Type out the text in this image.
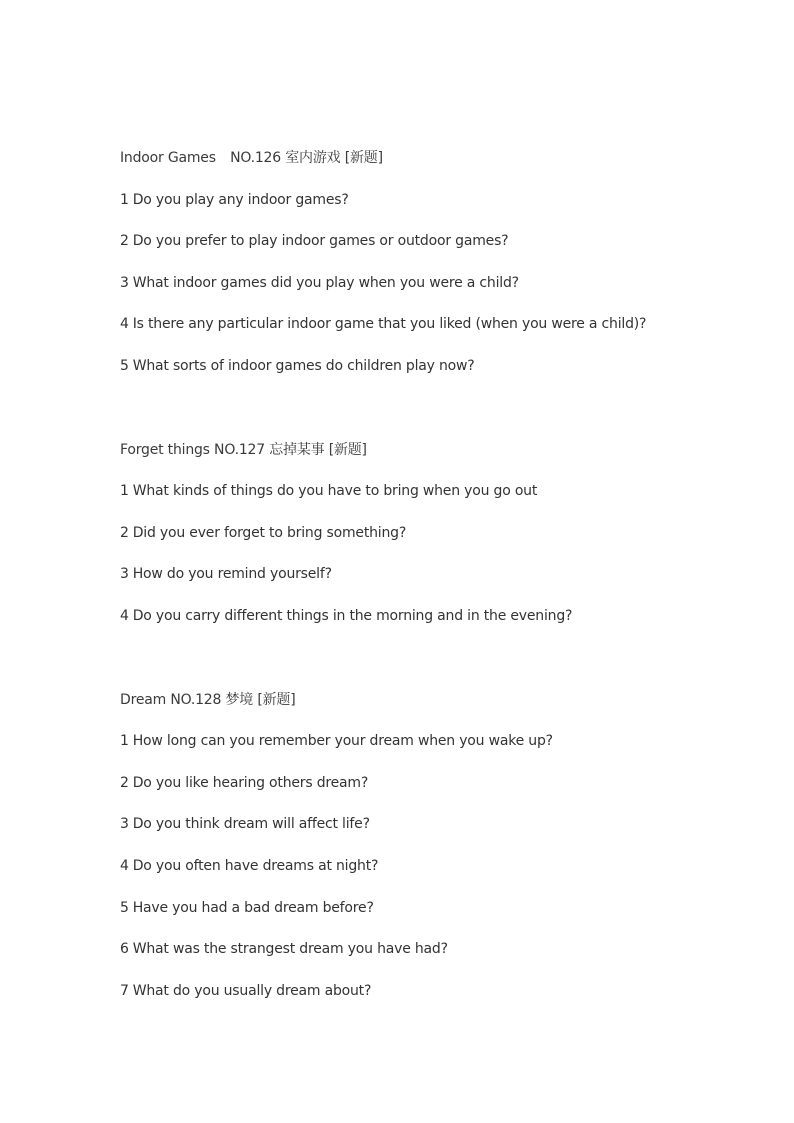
Indoor Games NO.126 室内游戏 [新题]

1 Do you play any indoor games?

2 Do you prefer to play indoor games or outdoor games?

3 What indoor games did you play when you were a child?

4 Is there any particular indoor game that you liked (when you were a child)?

5 What sorts of indoor games do children play now?

Forget things NO.127 忘掉某事 [新题]

1 What kinds of things do you have to bring when you go out

2 Did you ever forget to bring something?

3 How do you remind yourself?

4 Do you carry different things in the morning and in the evening?

Dream NO.128 梦境 [新题]

1 How long can you remember your dream when you wake up?

2 Do you like hearing others dream?

3 Do you think dream will affect life?

4 Do you often have dreams at night?

5 Have you had a bad dream before?

6 What was the strangest dream you have had?

7 What do you usually dream about?
